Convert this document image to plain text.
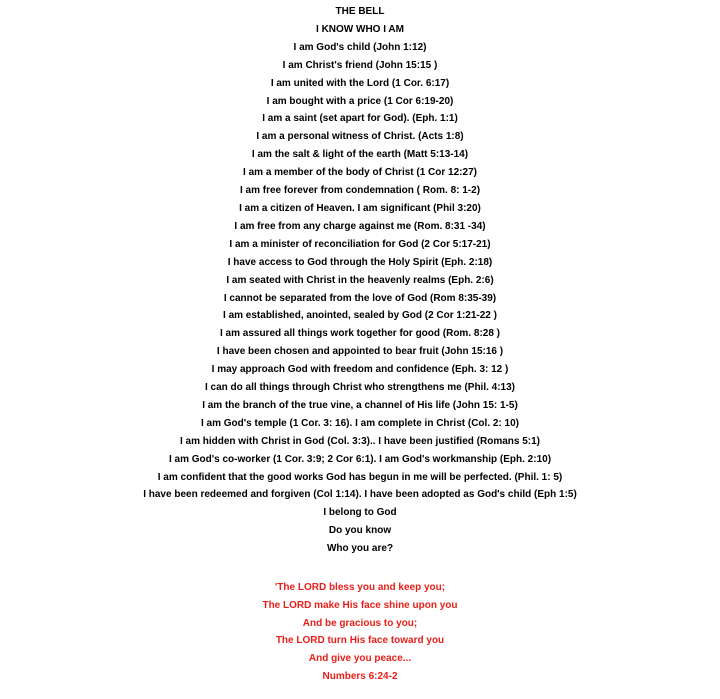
THE BELL
I KNOW WHO I AM
I am God's child (John 1:12)
I am Christ's friend (John 15:15 )
I am united with the Lord (1 Cor. 6:17)
I am bought with a price (1 Cor 6:19-20)
I am a saint (set apart for God). (Eph. 1:1)
I am a personal witness of Christ. (Acts 1:8)
I am the salt & light of the earth (Matt 5:13-14)
I am a member of the body of Christ (1 Cor 12:27)
I am free forever from condemnation ( Rom. 8: 1-2)
I am a citizen of Heaven. I am significant (Phil 3:20)
I am free from any charge against me (Rom. 8:31 -34)
I am a minister of reconciliation for God (2 Cor 5:17-21)
I have access to God through the Holy Spirit (Eph. 2:18)
I am seated with Christ in the heavenly realms (Eph. 2:6)
I cannot be separated from the love of God (Rom 8:35-39)
I am established, anointed, sealed by God (2 Cor 1:21-22 )
I am assured all things work together for good (Rom. 8:28 )
I have been chosen and appointed to bear fruit (John 15:16 )
I may approach God with freedom and confidence (Eph. 3: 12 )
I can do all things through Christ who strengthens me (Phil. 4:13)
I am the branch of the true vine, a channel of His life (John 15: 1-5)
I am God's temple (1 Cor. 3: 16). I am complete in Christ (Col. 2: 10)
I am hidden with Christ in God (Col. 3:3).. I have been justified (Romans 5:1)
I am God's co-worker (1 Cor. 3:9; 2 Cor 6:1). I am God's workmanship (Eph. 2:10)
I am confident that the good works God has begun in me will be perfected. (Phil. 1: 5)
I have been redeemed and forgiven (Col 1:14). I have been adopted as God's child (Eph 1:5)
I belong to God
Do you know
Who you are?
'The LORD bless you and keep you;
The LORD make His face shine upon you
And be gracious to you;
The LORD turn His face toward you
And give you peace...
Numbers 6:24-2
